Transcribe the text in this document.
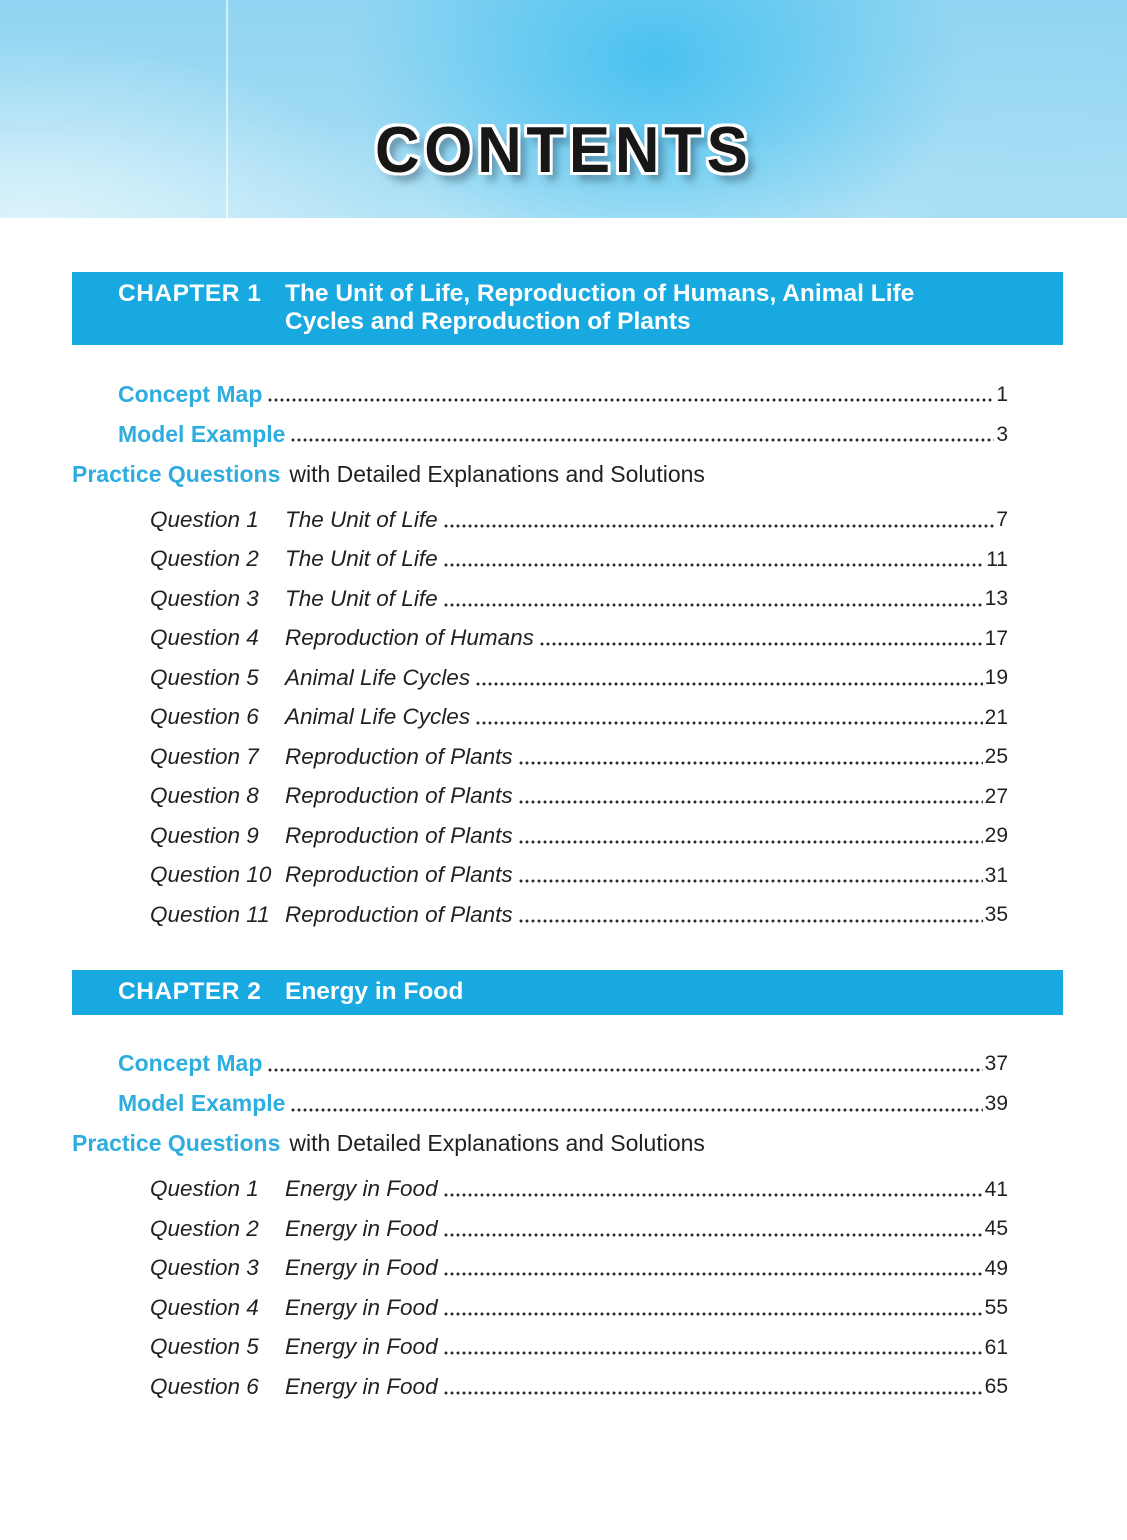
CONTENTS
CHAPTER 1 The Unit of Life, Reproduction of Humans, Animal Life
Cycles and Reproduction of Plants
Concept Map	1
Model Example	3
Practice Questions with Detailed Explanations and Solutions
Question 1	The Unit of Life	7
Question 2	The Unit of Life	11
Question 3	The Unit of Life	13
Question 4	Reproduction of Humans	17
Question 5	Animal Life Cycles	19
Question 6	Animal Life Cycles	21
Question 7	Reproduction of Plants	25
Question 8	Reproduction of Plants	27
Question 9	Reproduction of Plants	29
Question 10 Reproduction of Plants	31
Question 11 Reproduction of Plants	35
CHAPTER 2 Energy in Food
Concept Map	37
Model Example	39
Practice Questions with Detailed Explanations and Solutions
Question 1	Energy in Food	41
Question 2	Energy in Food	45
Question 3	Energy in Food	49
Question 4	Energy in Food	55
Question 5	Energy in Food	61
Question 6	Energy in Food	65
